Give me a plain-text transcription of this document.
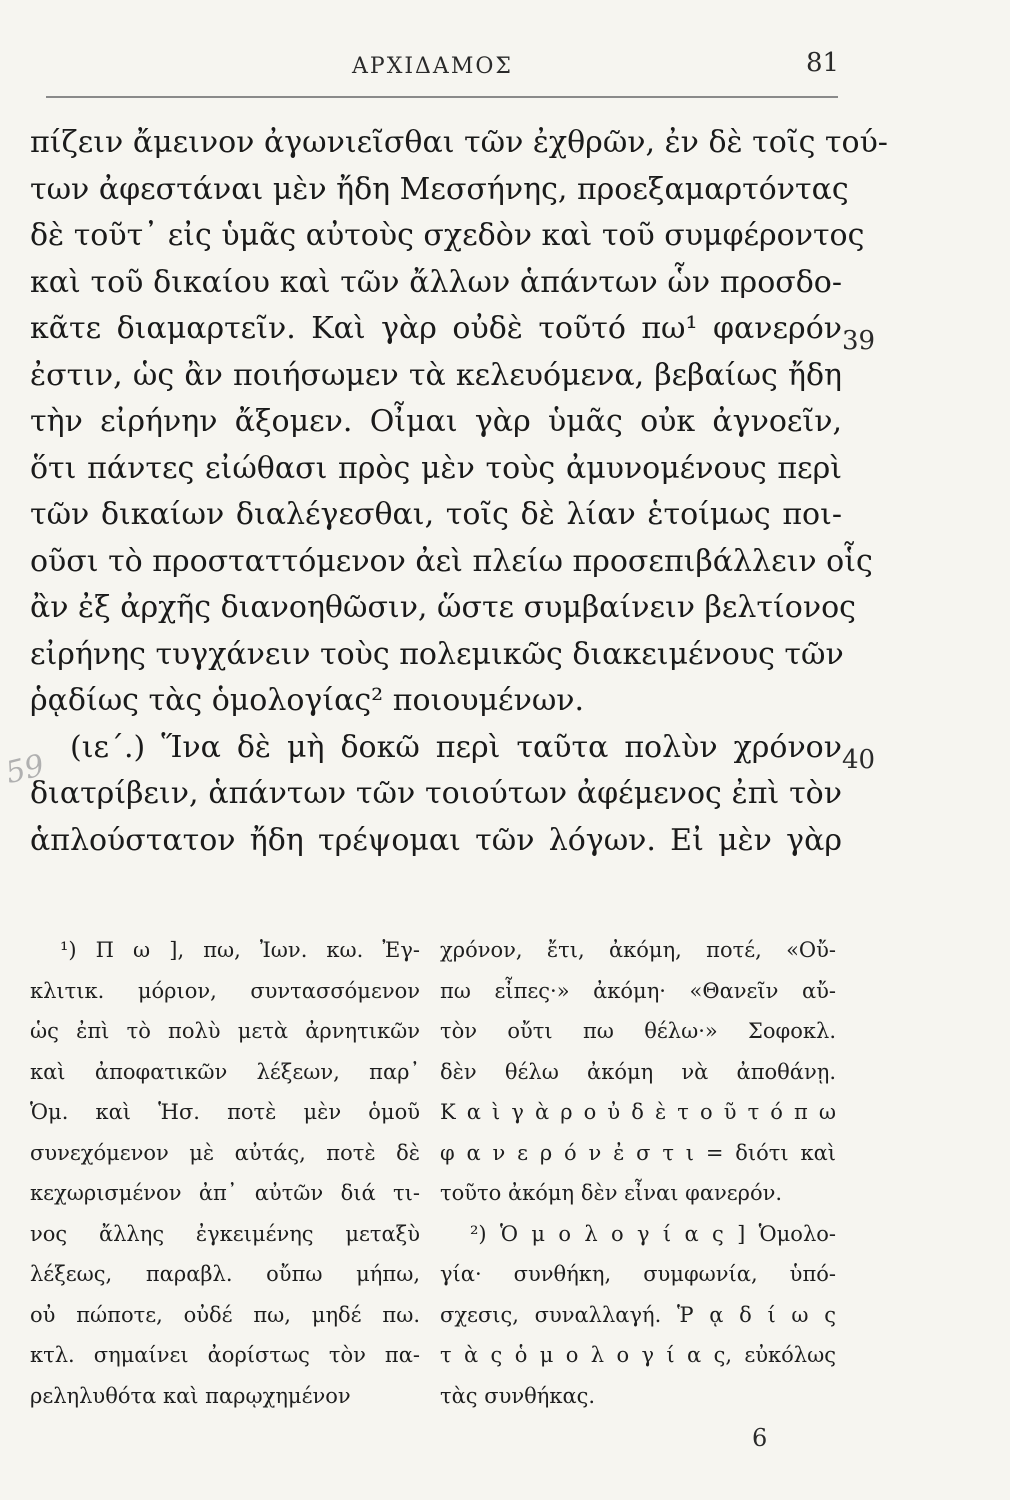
ΑΡΧΙΔΑΜΟΣ	81
πίζειν ἄμεινον ἀγωνιεῖσθαι τῶν ἐχθρῶν, ἐν δὲ τοῖς τού-
των ἀφεστάναι μὲν ἤδη Μεσσήνης, προεξαμαρτόντας
δὲ τοῦτ᾽ εἰς ὑμᾶς αὐτοὺς σχεδὸν καὶ τοῦ συμφέροντος
καὶ τοῦ δικαίου καὶ τῶν ἄλλων ἁπάντων ὧν προσδο-
κᾶτε διαμαρτεῖν. Καὶ γὰρ οὐδὲ τοῦτό πω¹ φανερόν
ἐστιν, ὡς ἂν ποιήσωμεν τὰ κελευόμενα, βεβαίως ἤδη
τὴν εἰρήνην ἄξομεν. Οἶμαι γὰρ ὑμᾶς οὐκ ἀγνοεῖν,
ὅτι πάντες εἰώθασι πρὸς μὲν τοὺς ἀμυνομένους περὶ
τῶν δικαίων διαλέγεσθαι, τοῖς δὲ λίαν ἑτοίμως ποι-
οῦσι τὸ προσταττόμενον ἀεὶ πλείω προσεπιβάλλειν οἷς
ἂν ἐξ ἀρχῆς διανοηθῶσιν, ὥστε συμβαίνειν βελτίονος
εἰρήνης τυγχάνειν τοὺς πολεμικῶς διακειμένους τῶν
ῥᾳδίως τὰς ὁμολογίας² ποιουμένων.
(ιε΄.) Ἵνα δὲ μὴ δοκῶ περὶ ταῦτα πολὺν χρόνον
διατρίβειν, ἁπάντων τῶν τοιούτων ἀφέμενος ἐπὶ τὸν
ἁπλούστατον ἤδη τρέψομαι τῶν λόγων. Εἰ μὲν γὰρ
39
40
59
¹) Π ω ], πω, Ἰων. κω. Ἐγ-
κλιτικ. μόριον, συντασσόμενον
ὡς ἐπὶ τὸ πολὺ μετὰ ἀρνητικῶν
καὶ ἀποφατικῶν λέξεων, παρ᾽
Ὁμ. καὶ Ἡσ. ποτὲ μὲν ὁμοῦ
συνεχόμενον μὲ αὐτάς, ποτὲ δὲ
κεχωρισμένον ἀπ᾽ αὐτῶν διά τι-
νος ἄλλης ἐγκειμένης μεταξὺ
λέξεως, παραβλ. οὔπω μήπω,
οὐ πώποτε, οὐδέ πω, μηδέ πω.
κτλ. σημαίνει ἀορίστως τὸν πα-
ρεληλυθότα καὶ παρῳχημένον
χρόνον, ἔτι, ἀκόμη, ποτέ, «Οὔ-
πω εἶπες·» ἀκόμη· «Θανεῖν αὔ-
τὸν οὔτι πω θέλω·» Σοφοκλ.
δὲν θέλω ἀκόμη νὰ ἀποθάνῃ.
Κ α ὶ γ ὰ ρ ο ὐ δ ὲ τ ο ῦ τ ό π ω
φ α ν ε ρ ό ν ἐ σ τ ι = διότι καὶ
τοῦτο ἀκόμη δὲν εἶναι φανερόν.
²) Ὁ μ ο λ ο γ ί α ς ] Ὁμολο-
γία· συνθήκη, συμφωνία, ὑπό-
σχεσις, συναλλαγή. Ῥ ᾳ δ ί ω ς
τ ὰ ς ὁ μ ο λ ο γ ί α ς, εὐκόλως
τὰς συνθήκας.
6
